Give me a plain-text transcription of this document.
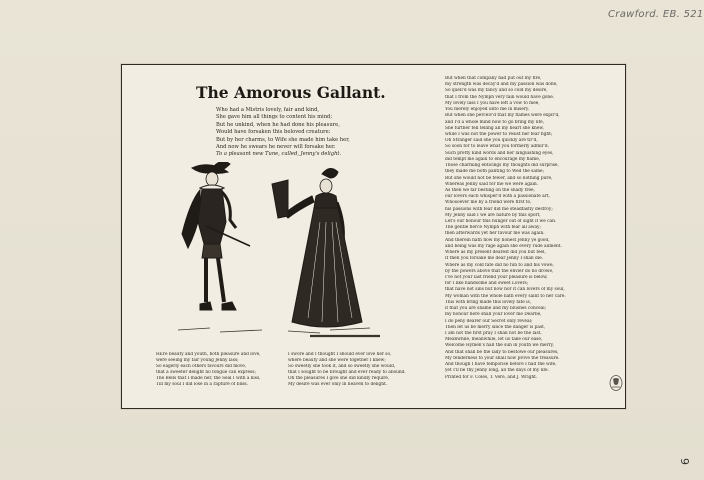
Crawford. EB. 521
9
The Amorous Gallant.
Who had a Mistris lovely, fair and kind,
She gave him all things to content his mind;
But he unkind, when he had done his pleasure,
Would have forsaken this beloved creature:
But by her charms, to Wife she made him take her,
And now he swears he never will forsake her.
To a pleasant new Tune, called, Jenny's delight.
HEre beauty and youth, both pleasure and love,
were seeing my fair young Jenny lass;
So eagerly each others favours did move,
that a sweeter delight no tongue can express;
The Bells that I made her, the Seal I with a kiss,
Till my soul I did lose in a rapture of bliss.
I swore and I thought I should ever love her so,
where beauty and she were together I knew;
So sweetly she took it, and so sweetly she would,
that I sought to be brought and ever ready to abound.
Oh the pleasures I give she did kindly require,
My desire was ever only in heaven to delight.
But when that company had put out my fire,
my strength was decay'd and my passion was done,
So quell'd was my fancy and so cold my desire,
that I from the Nymph very fain would have gone.
My lovely lass I you have left a vow to mee,
You merely enjoyed unto me in misery.
But when she perceiv'd that my flames were expir'd,
and I'd a whole mind now to go bring my life,
She further fell telling all my heart she knew,
while I was not the power to resist her fear fight;
Oh Stranger said she you quickly are tir'd,
So soon for to leave what you formerly admir'd.
Such pretty kind words and her languishing eyes,
did tempt me again to encourage my flame,
Those charming enticings my thoughts did surprise,
they made me both panting to Wed the same;
But she would not be fewer, and so nothing pure,
Whereas Jenny said for me we were again.
As then we far besting on the shady tree,
our lovers each whisper'd with a passionate art,
Whosoever me by a friend were first to,
his passions with fear did me steadfastly destroy;
My Jenny said I we are nature by this sport,
Let's our honour this hunger out of sight if we can.
The gentle fierce Nymph with fear all away;
then afterwards yet her favour me was again.
And therein hath flow my honest Jenny ye good,
and being was my rage again she every rude ailment.
Where as my present dearest did you but feel,
If then you forsake me dear Jenny I shall die.
Where as my cold fate did no fun to and his vowe,
by the powers above that the envier do no drowe,
I've not your last friend your pleasure is below,
for I like handsome and sweet Lovers;
that have not sins but now nor it can lovers of my soul,
My woman with the whole hath every saint to her care.
This with bring made this lovely fate is,
if that you are shame and my blushes conceal;
my honour here shall your lover me Dearbe,
I do peny dearer our Secret only reveal;
Then let us be merry since the danger is past,
I am not the first pray I shall not be the last.
Meanwhile, meanwhile, let us take our ease,
Welcome Hymen's hall the sun in youth we merry,
And that shall be the lady to bestowe our pleasures,
My tenderness to your shall now prove the treasure.
And though I have temporise before I had the wife,
yet I'll be thy Jenny long, all the days of my life.
Printed for F. Coles, T. Vere, and J. Wright.
